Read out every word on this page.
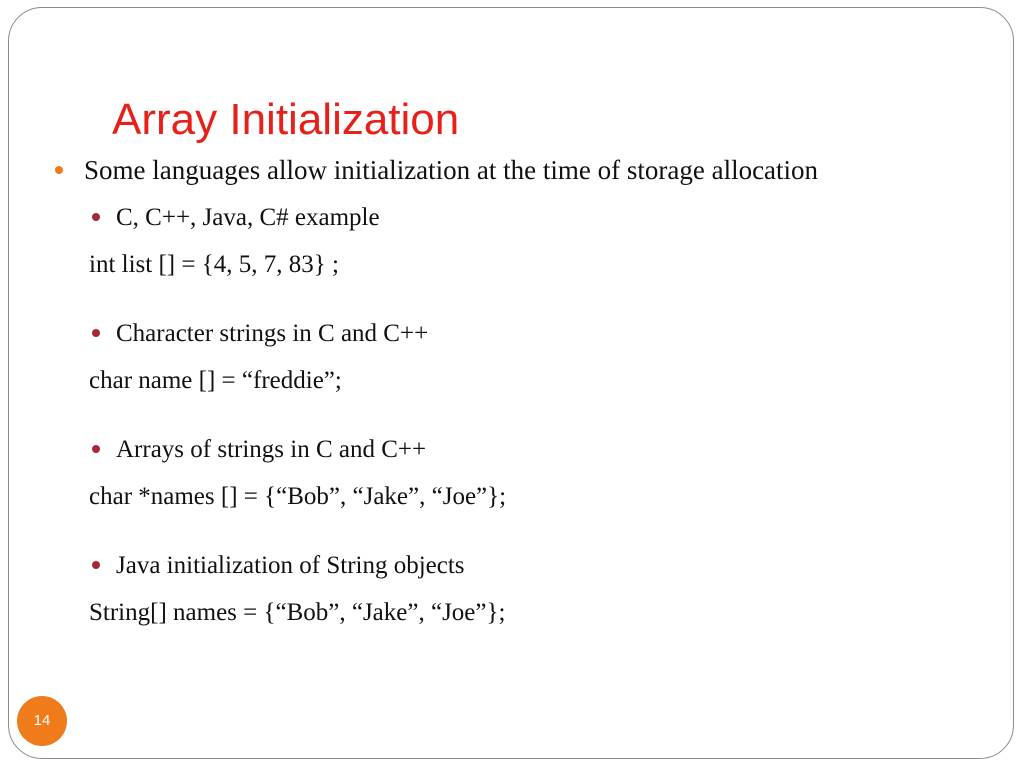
Array Initialization

Some languages allow initialization at the time of storage allocation

C, C++, Java, C# example

int list [] = {4, 5, 7, 83} ;

Character strings in C and C++

char name [] = “freddie”;

Arrays of strings in C and C++

char *names [] = {“Bob”, “Jake”, “Joe”};

Java initialization of String objects

String[] names = {“Bob”, “Jake”, “Joe”};

14
